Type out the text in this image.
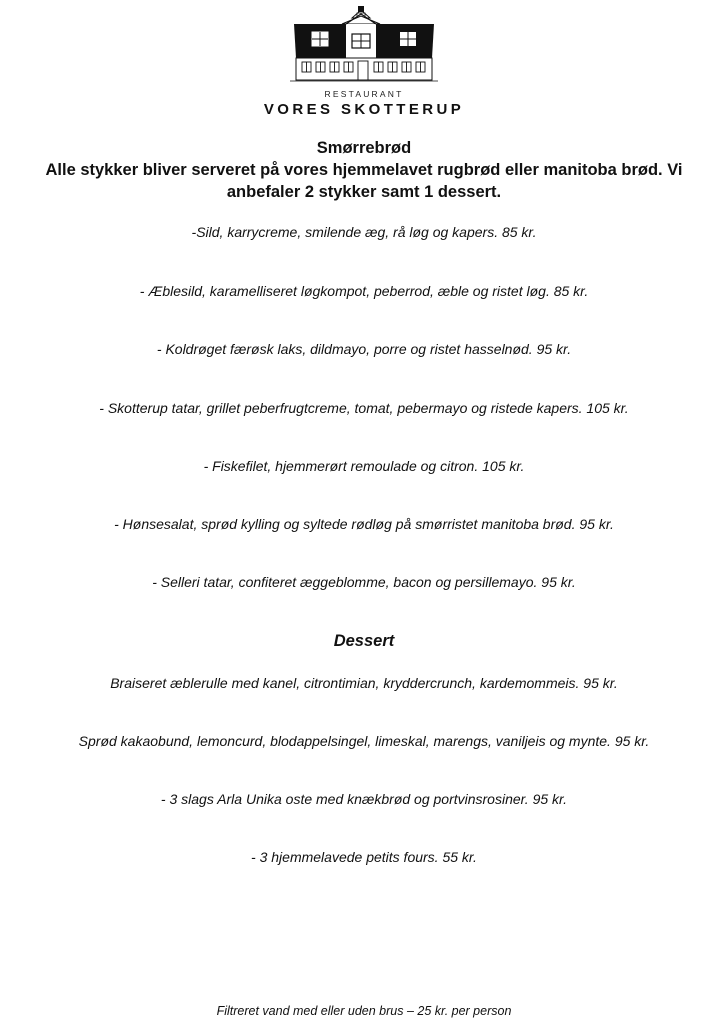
RESTAURANT
VORES SKOTTERUP
Smørrebrød
Alle stykker bliver serveret på vores hjemmelavet rugbrød eller manitoba brød. Vi anbefaler 2 stykker samt 1 dessert.
-Sild, karrycreme, smilende æg, rå løg og kapers. 85 kr.
- Æblesild, karamelliseret løgkompot, peberrod, æble og ristet løg. 85 kr.
- Koldrøget færøsk laks, dildmayo, porre og ristet hasselnød. 95 kr.
- Skotterup tatar, grillet peberfrugtcreme, tomat, pebermayo og ristede kapers. 105 kr.
- Fiskefilet, hjemmerørt remoulade og citron. 105 kr.
- Hønsesalat, sprød kylling og syltede rødløg på smørristet manitoba brød. 95 kr.
- Selleri tatar, confiteret æggeblomme, bacon og persillemayo. 95 kr.
Dessert
Braiseret æblerulle med kanel, citrontimian, kryddercrunch, kardemommeis. 95 kr.
Sprød kakaobund, lemoncurd, blodappelsingel, limeskal, marengs, vaniljeis og mynte. 95 kr.
- 3 slags Arla Unika oste med knækbrød og portvinsrosiner. 95 kr.
- 3 hjemmelavede petits fours. 55 kr.
Filtreret vand med eller uden brus – 25 kr. per person
